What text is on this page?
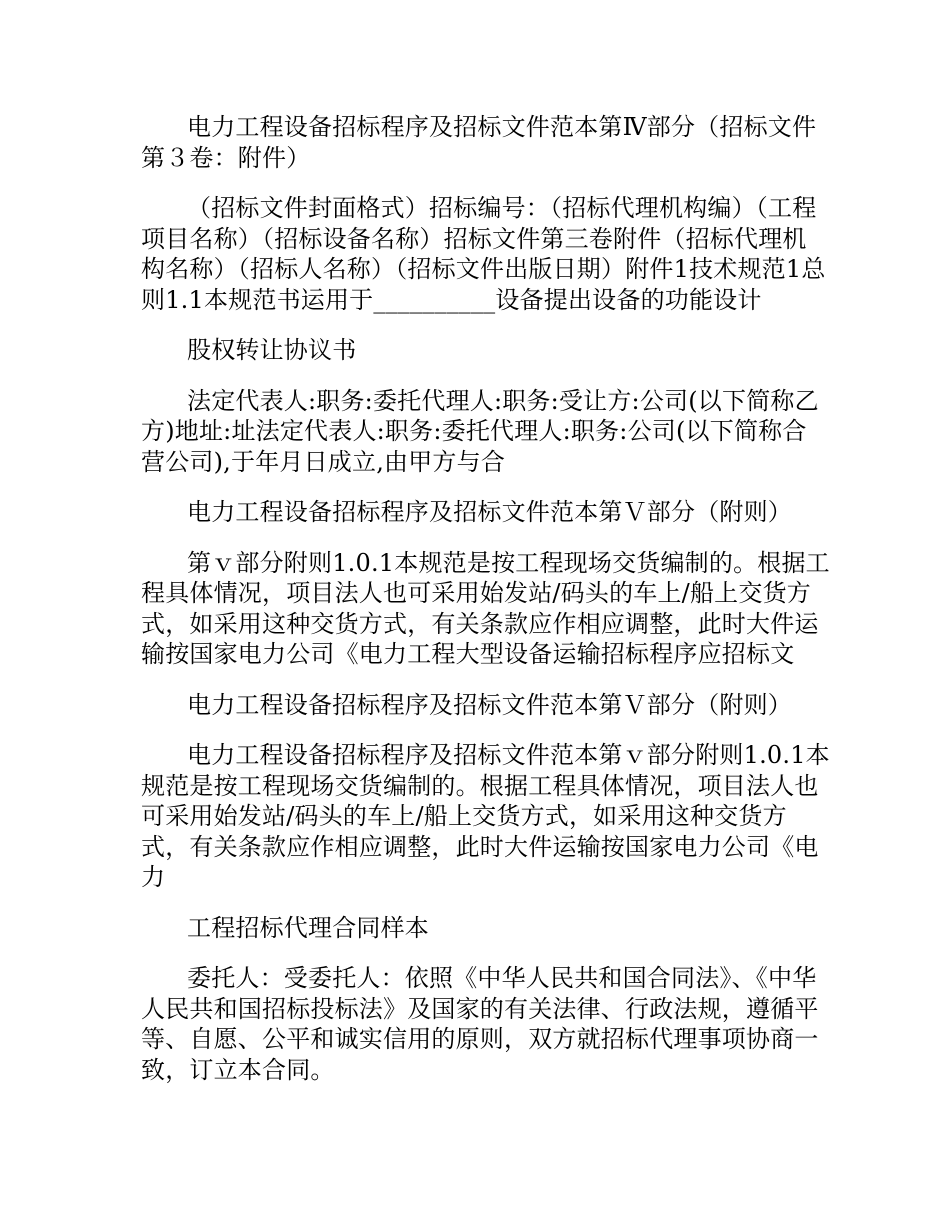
电力工程设备招标程序及招标文件范本第Ⅳ部分（招标文件第３卷：附件）

（招标文件封面格式）招标编号：（招标代理机构编）（工程项目名称）（招标设备名称）招标文件第三卷附件（招标代理机构名称）（招标人名称）（招标文件出版日期）附件1技术规范1总则1.1本规范书运用于__________设备提出设备的功能设计

股权转让协议书

法定代表人:职务:委托代理人:职务:受让方:公司(以下简称乙方)地址:址法定代表人:职务:委托代理人:职务:公司(以下简称合营公司),于年月日成立,由甲方与合

电力工程设备招标程序及招标文件范本第Ｖ部分（附则）

第ｖ部分附则1.0.1本规范是按工程现场交货编制的。根据工程具体情况，项目法人也可采用始发站/码头的车上/船上交货方式，如采用这种交货方式，有关条款应作相应调整，此时大件运输按国家电力公司《电力工程大型设备运输招标程序应招标文

电力工程设备招标程序及招标文件范本第Ｖ部分（附则）

电力工程设备招标程序及招标文件范本第ｖ部分附则1.0.1本规范是按工程现场交货编制的。根据工程具体情况，项目法人也可采用始发站/码头的车上/船上交货方式，如采用这种交货方式，有关条款应作相应调整，此时大件运输按国家电力公司《电力

工程招标代理合同样本

委托人：受委托人：依照《中华人民共和国合同法》、《中华人民共和国招标投标法》及国家的有关法律、行政法规，遵循平等、自愿、公平和诚实信用的原则，双方就招标代理事项协商一致，订立本合同。
